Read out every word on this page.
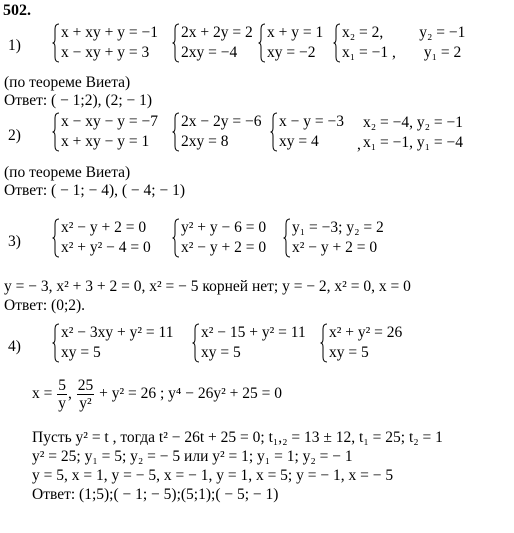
502.
1)
x + xy + y = −1
x − xy + y = 3
2x + 2y = 2
2xy = −4
x + y = 1
xy = −2
x₂ = 2, y₂ = −1
x₁ = −1 , y₁ = 2
(по теореме Виета)
Ответ: ( − 1;2), (2; − 1)
2)
x − xy − y = −7
x + xy − y = 1
2x − 2y = −6
2xy = 8
x − y = −3
xy = 4	,
x₂ = −4, y₂ = −1
x₁ = −1, y₁ = −4
(по теореме Виета)
Ответ: ( − 1; − 4), ( − 4; − 1)
3)
x² − y + 2 = 0
x² + y² − 4 = 0
y² + y − 6 = 0
x² − y + 2 = 0
y₁ = −3; y₂ = 2
x² − y + 2 = 0
y = − 3, x² + 3 + 2 = 0, x² = − 5 корней нет; y = − 2, x² = 0, x = 0
Ответ: (0;2).
4)
x² − 3xy + y² = 11
xy = 5
x² − 15 + y² = 11
xy = 5
x² + y² = 26
xy = 5
$x = \frac{5}{y}$ , $\frac{25}{\text{y²}} + y^2 = 26$ ; y⁴ − 26y² + 25 = 0
Пусть y² = t , тогда t² − 26t + 25 = 0; t₁,₂ = 13 ± 12, t₁ = 25; t₂ = 1
y² = 25; y₁ = 5; y₂ = − 5 или y² = 1; y₁ = 1; y₂ = − 1
y = 5, x = 1, y = − 5, x = − 1, y = 1, x = 5; y = − 1, x = − 5
Ответ: (1;5);( − 1; − 5);(5;1);( − 5; − 1)
